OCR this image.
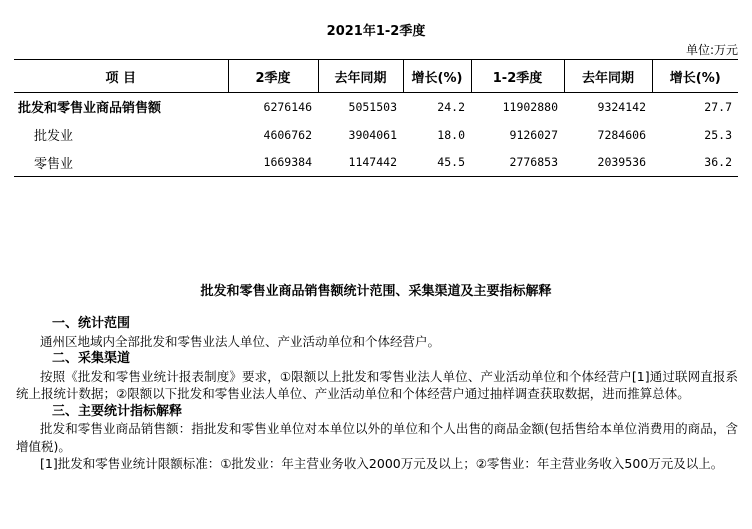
2021年1-2季度
单位:万元
项 目	2季度	去年同期	增长(%)	1-2季度	去年同期	增长(%)
批发和零售业商品销售额	6276146	5051503	24.2	11902880	9324142	27.7
批发业	4606762	3904061	18.0	9126027	7284606	25.3
零售业	1669384	1147442	45.5	2776853	2039536	36.2
批发和零售业商品销售额统计范围、采集渠道及主要指标解释
一、统计范围
通州区地域内全部批发和零售业法人单位、产业活动单位和个体经营户。
二、采集渠道
按照《批发和零售业统计报表制度》要求，①限额以上批发和零售业法人单位、产业活动单位和个体经营户[1]通过联网直报系统上报统计数据；②限额以下批发和零售业法人单位、产业活动单位和个体经营户通过抽样调查获取数据，进而推算总体。
三、主要统计指标解释
批发和零售业商品销售额：指批发和零售业单位对本单位以外的单位和个人出售的商品金额(包括售给本单位消费用的商品，含增值税)。
[1]批发和零售业统计限额标准：①批发业：年主营业务收入2000万元及以上；②零售业：年主营业务收入500万元及以上。
